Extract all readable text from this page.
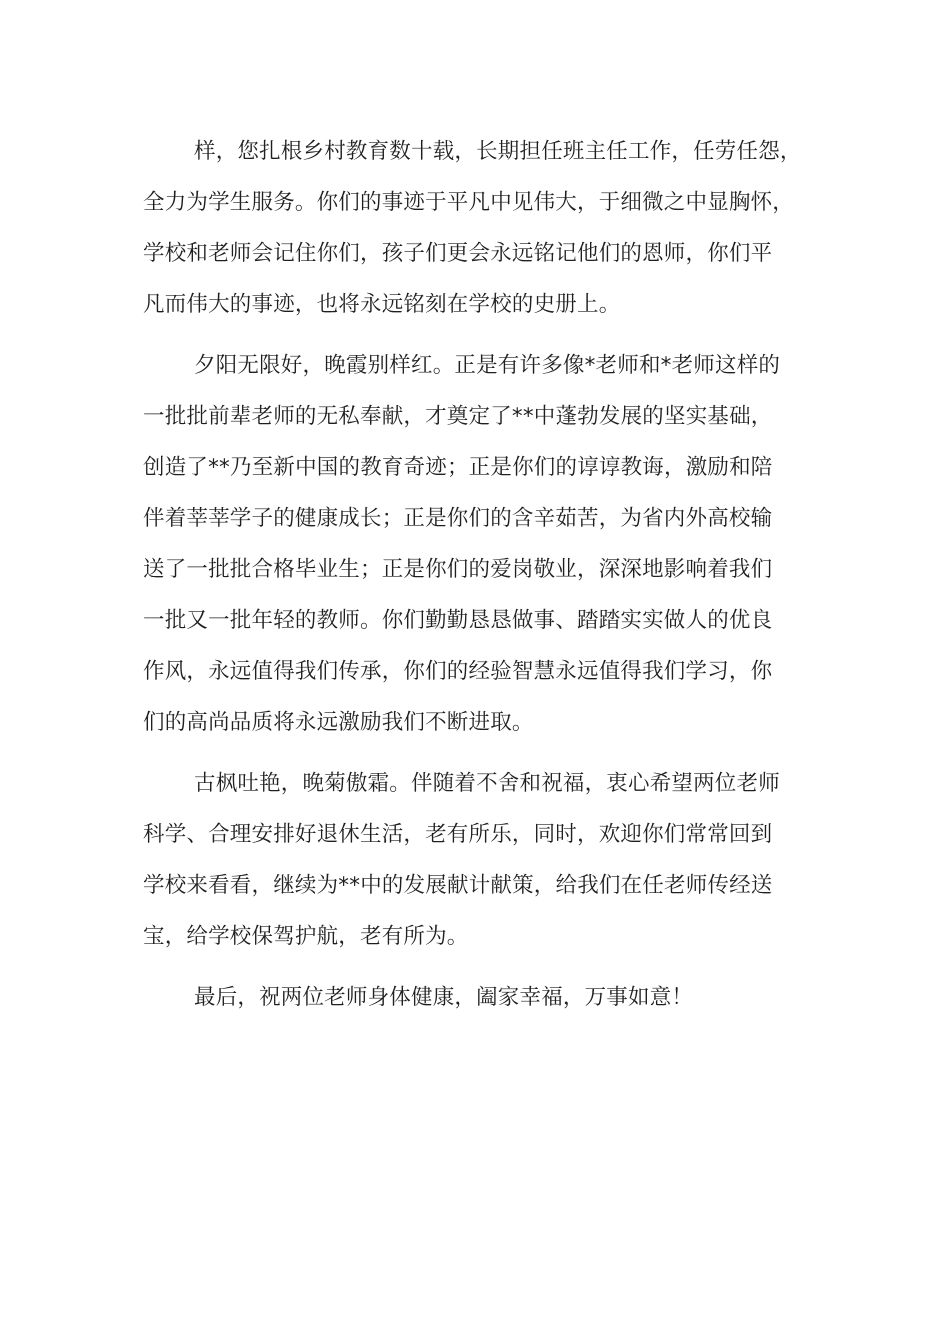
样，您扎根乡村教育数十载，长期担任班主任工作，任劳任怨，
全力为学生服务。你们的事迹于平凡中见伟大，于细微之中显胸怀，
学校和老师会记住你们，孩子们更会永远铭记他们的恩师，你们平
凡而伟大的事迹，也将永远铭刻在学校的史册上。

夕阳无限好，晚霞别样红。正是有许多像*老师和*老师这样的
一批批前辈老师的无私奉献，才奠定了**中蓬勃发展的坚实基础，
创造了**乃至新中国的教育奇迹；正是你们的谆谆教诲，激励和陪
伴着莘莘学子的健康成长；正是你们的含辛茹苦，为省内外高校输
送了一批批合格毕业生；正是你们的爱岗敬业，深深地影响着我们
一批又一批年轻的教师。你们勤勤恳恳做事、踏踏实实做人的优良
作风，永远值得我们传承，你们的经验智慧永远值得我们学习，你
们的高尚品质将永远激励我们不断进取。

古枫吐艳，晚菊傲霜。伴随着不舍和祝福，衷心希望两位老师
科学、合理安排好退休生活，老有所乐，同时，欢迎你们常常回到
学校来看看，继续为**中的发展献计献策，给我们在任老师传经送
宝，给学校保驾护航，老有所为。

最后，祝两位老师身体健康，阖家幸福，万事如意！
